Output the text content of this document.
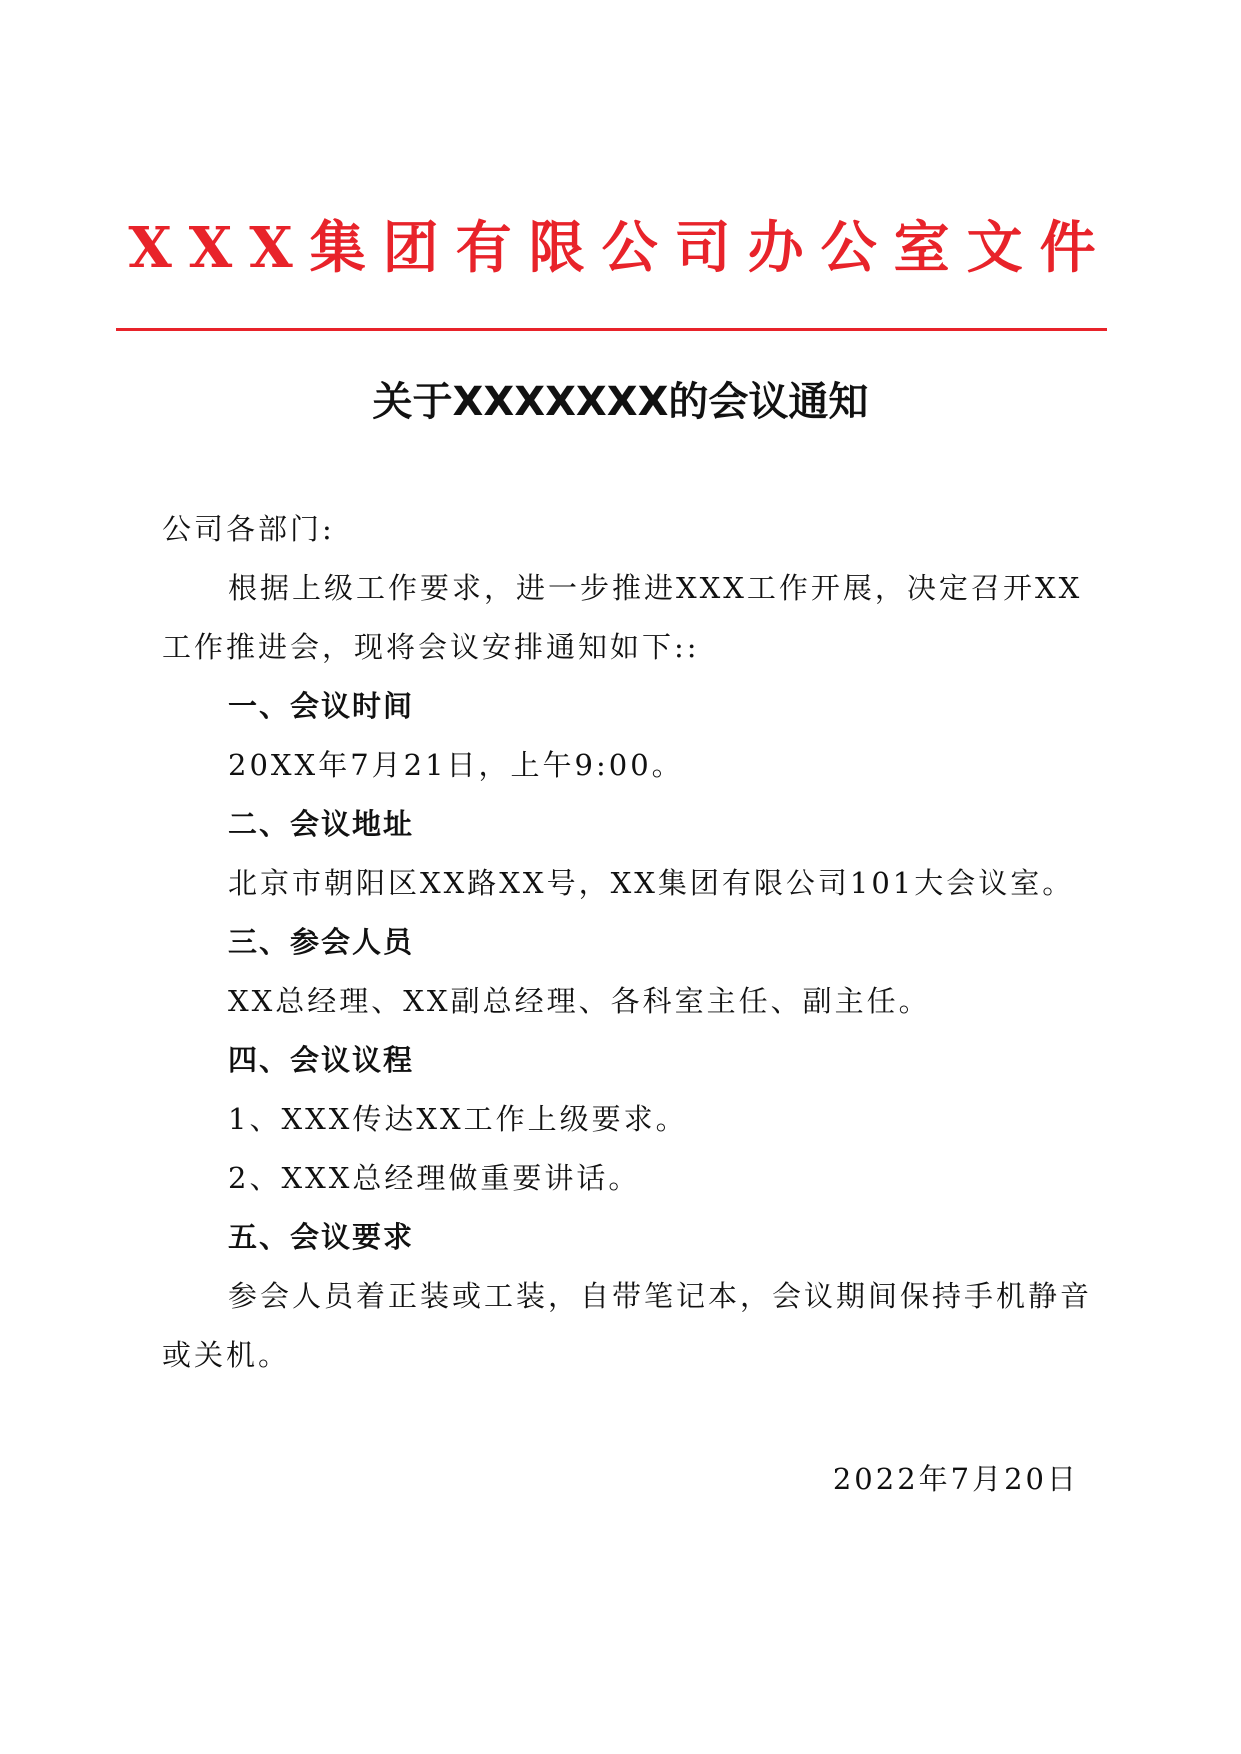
XXX集团有限公司办公室文件
关于XXXXXXX的会议通知

公司各部门:

根据上级工作要求，进一步推进XXX工作开展，决定召开XX工作推进会，现将会议安排通知如下::

一、会议时间

20XX年7月21日，上午9:00。

二、会议地址

北京市朝阳区XX路XX号，XX集团有限公司101大会议室。

三、参会人员

XX总经理、XX副总经理、各科室主任、副主任。

四、会议议程

1、XXX传达XX工作上级要求。

2、XXX总经理做重要讲话。

五、会议要求

参会人员着正装或工装，自带笔记本，会议期间保持手机静音或关机。

2022年7月20日
